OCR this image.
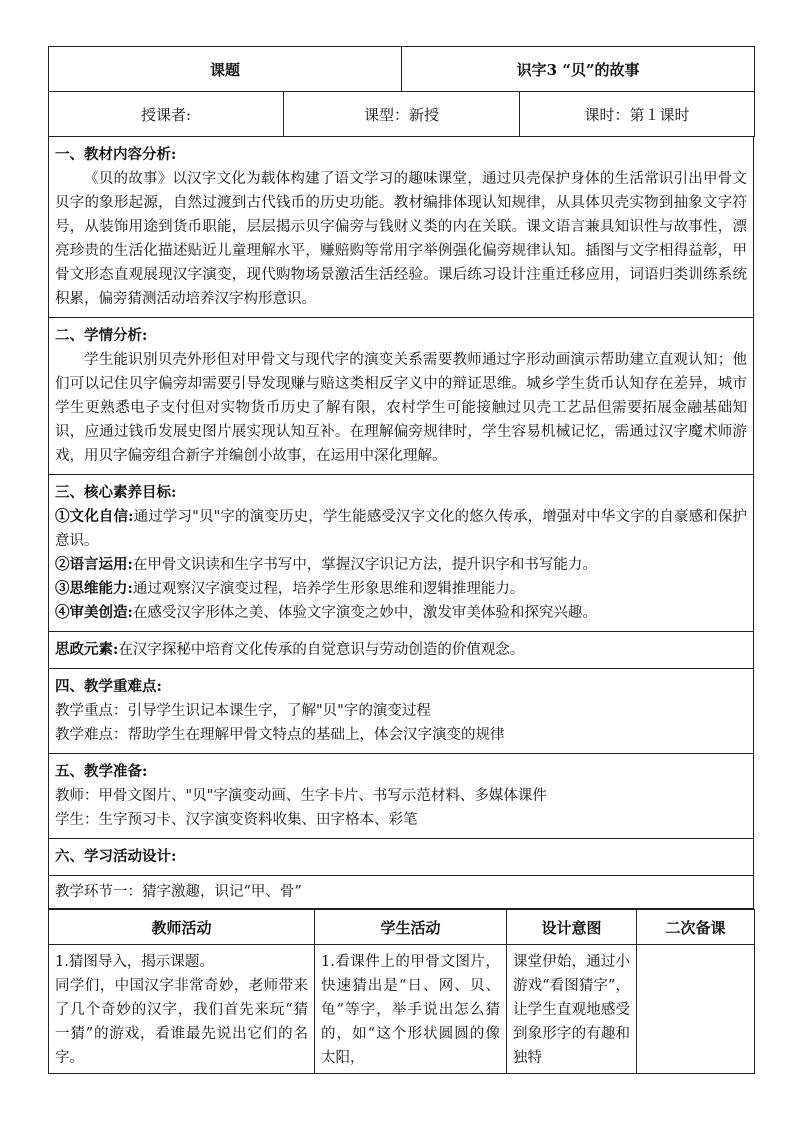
课题		识字3 “贝”的故事	
授课者:	课型：新授		课时：第１课时
一、教材内容分析:
《贝的故事》以汉字文化为载体构建了语文学习的趣味课堂，通过贝壳保护身体的生活常识引出甲骨文贝字的象形起源，自然过渡到古代钱币的历史功能。教材编排体现认知规律，从具体贝壳实物到抽象文字符号，从装饰用途到货币职能，层层揭示贝字偏旁与钱财义类的内在关联。课文语言兼具知识性与故事性，漂亮珍贵的生活化描述贴近儿童理解水平，赚赔购等常用字举例强化偏旁规律认知。插图与文字相得益彰，甲骨文形态直观展现汉字演变，现代购物场景激活生活经验。课后练习设计注重迁移应用，词语归类训练系统积累，偏旁猜测活动培养汉字构形意识。

二、学情分析:
学生能识别贝壳外形但对甲骨文与现代字的演变关系需要教师通过字形动画演示帮助建立直观认知；他们可以记住贝字偏旁却需要引导发现赚与赔这类相反字义中的辩证思维。城乡学生货币认知存在差异，城市学生更熟悉电子支付但对实物货币历史了解有限，农村学生可能接触过贝壳工艺品但需要拓展金融基础知识，应通过钱币发展史图片展实现认知互补。在理解偏旁规律时，学生容易机械记忆，需通过汉字魔术师游戏，用贝字偏旁组合新字并编创小故事，在运用中深化理解。

三、核心素养目标:
①文化自信:通过学习"贝"字的演变历史，学生能感受汉字文化的悠久传承，增强对中华文字的自豪感和保护意识。
②语言运用:在甲骨文识读和生字书写中，掌握汉字识记方法，提升识字和书写能力。
③思维能力:通过观察汉字演变过程，培养学生形象思维和逻辑推理能力。
④审美创造:在感受汉字形体之美、体验文字演变之妙中，激发审美体验和探究兴趣。

思政元素:在汉字探秘中培育文化传承的自觉意识与劳动创造的价值观念。

四、教学重难点:
教学重点：引导学生识记本课生字，了解"贝"字的演变过程
教学难点：帮助学生在理解甲骨文特点的基础上，体会汉字演变的规律

五、教学准备:
教师：甲骨文图片、"贝"字演变动画、生字卡片、书写示范材料、多媒体课件
学生：生字预习卡、汉字演变资料收集、田字格本、彩笔

六、学习活动设计:

教学环节一：猜字激趣，识记“甲、骨”
教师活动	学生活动	设计意图	二次备课

1.猜图导入，揭示课题。
同学们，中国汉字非常奇妙，老师带来了几个奇妙的汉字，我们首先来玩“猜一猜”的游戏，看谁最先说出它们的名字。	1.看课件上的甲骨文图片，快速猜出是“日、网、贝、龟”等字，举手说出怎么猜的，如“这个形状圆圆的像太阳，	课堂伊始，通过小游戏“看图猜字”，让学生直观地感受到象形字的有趣和独特	
